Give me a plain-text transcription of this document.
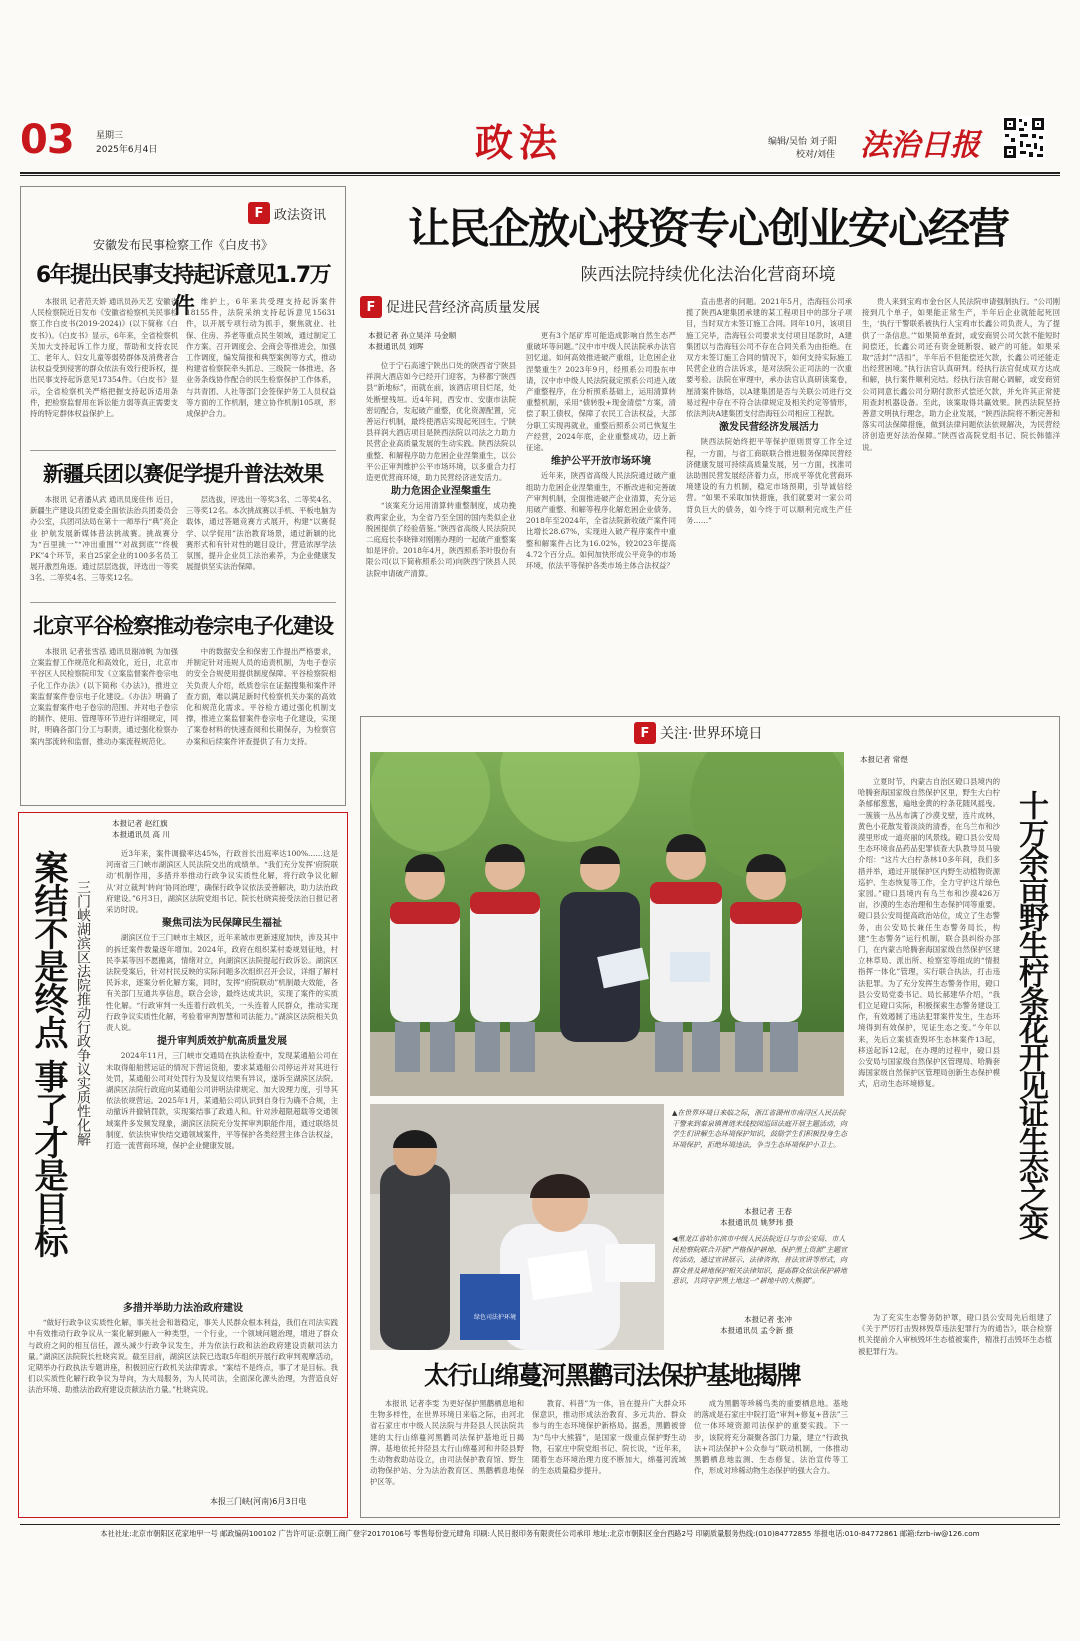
03 星期三
2025年6月4日	政法	编辑/吴怡 刘子阳
校对/刘佳 法治日报
F 政法资讯
安徽发布民事检察工作《白皮书》
6年提出民事支持起诉意见1.7万件

本报讯 记者范天娇 通讯员孙天艺 安徽省人民检察院近日发布《安徽省检察机关民事检察工作白皮书(2019-2024)》(以下简称《白皮书》)。《白皮书》显示，6年来，全省检察机关加大支持起诉工作力度，帮助和支持农民工、老年人、妇女儿童等弱势群体及消费者合法权益受到侵害的群众依法有效行使诉权，提出民事支持起诉意见17354件。《白皮书》显示，全省检察机关严格把握支持起诉适用条件，把检察监督用在诉讼能力弱等真正需要支持的特定群体权益保护上。

维护上，6年来共受理支持起诉案件18155件，法院采纳支持起诉意见15631件，以开展专项行动为抓手，聚焦就业、社保、住房、养老等重点民生领域，通过制定工作方案、召开调度会、会商会等推进会，加强工作调度，编发简报和典型案例等方式，推动构建省检察院牵头抓总、三级院一体推进、各业务条线协作配合的民生检察保护工作体系，与共青团、人社等部门会签保护务工人员权益等方面的工作机制，建立协作机制105项，形成保护合力。

新疆兵团以赛促学提升普法效果

本报讯 记者潘从武 通讯员庞佳伟 近日，新疆生产建设兵团党委全面依法治兵团委员会办公室，兵团司法局在第十一师举行“典”亮企业 护航发展新媒体普法挑战赛。挑战赛分为“百里挑一”“冲出重围”“对战到底”“终极PK”4个环节，来自25家企业的100多名员工展开激烈角逐。通过层层选拔，评选出一等奖3名、二等奖4名、三等奖12名。

层选拔，评选出一等奖3名、二等奖4名、三等奖12名。本次挑战赛以手机、平板电脑为载体，通过答题竞赛方式展开，构建“以赛促学、以学促用”法治教育场景，通过新颖的比赛形式和有针对性的题目设计，营造浓厚学法氛围，提升企业员工法治素养，为企业健康发展提供坚实法治保障。

北京平谷检察推动卷宗电子化建设

本报讯 记者张雪泓 通讯员谢沛帆 为加强立案监督工作规范化和高效化，近日，北京市平谷区人民检察院印发《立案监督案件卷宗电子化工作办法》(以下简称《办法》)，推进立案监督案件卷宗电子化建设。《办法》明确了立案监督案件电子卷宗的范围、并对电子卷宗的制作、使用、管理等环节进行详细规定，同时，明确各部门分工与职责，通过强化检察办案内部流转和监督，推动办案流程规范化。

中的数据安全和保密工作提出严格要求，并制定针对违规人员的追责机制，为电子卷宗的安全合规使用提供制度保障。平谷检察院相关负责人介绍，纸质卷宗在证据搜集和案件评查方面，难以满足新时代检察机关办案的高效化和规范化需求。平谷检方通过强化机制支撑，推进立案监督案件卷宗电子化建设，实现了案卷材料的快速查阅和长期保存，为检察官办案和后续案件评查提供了有力支持。

让民企放心投资专心创业安心经营
陕西法院持续优化法治化营商环境
F 促进民营经济高质量发展
本报记者 孙立昊洋 马金顺
本报通讯员 刘晖

位于宁石高速宁陕出口处的陕西省宁陕县祥润大酒店如今已经开门迎客，为移都宁陕西县“新地标”，而就在前，该酒店项目烂尾，处处断壁残垣。近4年间，西安市、安康市法院密切配合，发起破产重整，优化资源配置，完善运行机制，最终使酒店实现起死回生。宁陕县祥润大酒店项目是陕西法院以司法之力助力民营企业高质量发展的生动实践。陕西法院以重整、和解程序助力危困企业涅槃重生，以公平公正审判维护公平市场环境，以多重合力打造更优营商环境，助力民营经济迸发活力。

助力危困企业涅槃重生

“该案充分运用清算转重整制度，成功挽救两家企业，为全省乃至全国的国内类似企业脱困提供了经验借鉴。”陕西省高级人民法院民二庭庭长李晓锋对刚刚办理的一起破产重整案如是评价。2018年4月，陕西照系茶叶股份有限公司(以下简称照系公司)向陕西宁陕县人民法院申请破产清算。

更有3个尾矿库可能造成影响自然生态严重破坏等问题。”汉中市中级人民法院承办法官回忆道。如何高效推进破产重组，让危困企业涅槃重生？2023年9月，经照系公司股东申请，汉中市中级人民法院裁定照系公司进入破产重整程序，在分析照系基础上，运用清算转重整机制，采用“债转股+现金清偿”方案，清偿了职工债权，保障了农民工合法权益，大部分职工实现再就业，重整后照系公司已恢复生产经营，2024年底，企业重整成功，迈上新征途。

维护公平开放市场环境

近年来，陕西省高级人民法院通过破产重组助力危困企业涅槃重生，不断改进和完善破产审判机制，全面推进破产企业清算，充分运用破产重整、和解等程序化解危困企业债务。2018年至2024年，全省法院新收破产案件同比增长28.67%，实现进入破产程序案件中重整和解案件占比为16.02%，较2023年提高4.72个百分点。如何加快形成公平竞争的市场环境，依法平等保护各类市场主体合法权益？

直击患者的问题。2021年5月，浩海钰公司承揽了陕西A建集团承建的某工程项目中的部分子项目，当时双方未签订施工合同。同年10月，该项目施工完毕，浩海钰公司要求支付项目尾款时，A建集团以与浩海钰公司不存在合同关系为由拒绝。在双方未签订施工合同的情况下，如何支持实际施工民营企业的合法诉求，是对法院公正司法的一次重要考验。法院在审理中，承办法官认真研读案卷，厘清案件脉络，以A建集团是否与关联公司进行交易过程中存在不符合法律规定及相关约定等情形，依法判决A建集团支付浩海钰公司相应工程款。

激发民营经济发展活力

陕西法院始终把平等保护原则贯穿工作全过程，一方面，与省工商联联合推进服务保障民营经济健康发展可持续高质量发展，另一方面，找准司法助围民营发展经济着力点，形成平等优化营商环境建设的有力机制，稳定市场预期，引导诚信经营。“如果不采取加快措施，我们就要对一家公司背负巨大的债务，如今终于可以顺利完成生产任务……”

贵人来到宝鸡市金台区人民法院申请强制执行。“公司刚接到几个单子，如果能正常生产，半年后企业就能起死回生，‘执行干警联系被执行人宝鸡市长鑫公司负责人，为了提供了一条信息。’”如果简单查封，或安商贸公司欠款不能短时间偿还，长鑫公司还有资金链断裂、破产的可能。如果采取“活封”“活扣”，半年后不但能偿还欠款，长鑫公司还能走出经营困境。”执行法官认真研判。经执行法官促成双方达成和解，执行案件顺利完结。经执行法官耐心调解，或安商贸公司同意长鑫公司分期付款形式偿还欠款，并允许其正常使用查封机器设备。至此，该案取得共赢效果。陕西法院坚持善意文明执行理念，助力企业发展，“陕西法院将不断完善和落实司法保障措施，做到法律问题依法依规解决，为民营经济创造更好法治保障。”陕西省高院党组书记、院长韩德洋说。

本报记者 赵红旗
本报通讯员 高 川
案结不是终点 事了才是目标 三门峡湖滨区法院推动行政争议实质性化解

近3年来，案件调撤率达45%，行政首长出庭率达100%……这是河南省三门峡市湖滨区人民法院交出的成绩单。“我们充分发挥‘府院联动’机制作用，多措并举推动行政争议实质性化解，将行政争议化解从‘对立裁判’转向‘协同治理’，确保行政争议依法妥善解决，助力法治政府建设。”6月3日，湖滨区法院党组书记、院长杜晓宾接受法治日报记者采访时说。

聚焦司法为民保障民生福祉

湖滨区位于三门峡市主城区，近年来城市更新速度加快，涉及其中的拆迁案件数量逐年增加。2024年，政府在组织某村委规划征地，村民李某等因不愿搬离，情绪对立，向湖滨区法院提起行政诉讼。湖滨区法院受案后，针对村民反映的实际问题多次组织召开会议，详细了解村民诉求，逐案分析化解方案，同时，发挥“府院联动”机制最大效能，各有关部门互通共享信息，联合会诊，最终达成共识，实现了案件的实质性化解。“行政审判一头连着行政机关，一头连着人民群众，推动实现行政争议实质性化解，考验着审判智慧和司法能力。”湖滨区法院相关负责人说。

提升审判质效护航高质量发展

2024年11月，三门峡市交通局在执法检查中，发现某通船公司在未取得船舶营运证的情况下营运货船，要求某通船公司停运并对其进行处罚，某通船公司对处罚行为及复议结果有异议，遂诉至湖滨区法院。湖滨区法院行政庭向某通船公司讲明法律规定、加大说理力度，引导其依法依规营运。2025年1月，某通船公司认识到自身行为确不合规，主动撤诉并撤销罚款，实现案结事了政通人和。针对涉超限超载等交通领域案件多发频发现象，湖滨区法院充分发挥审判职能作用，通过联络员制度、依法快审快结交通领域案件，平等保护各类经营主体合法权益，打造一流营商环境，保护企业健康发展。

多措并举助力法治政府建设

“做好行政争议实质性化解，事关社会和谐稳定，事关人民群众根本利益，我们在司法实践中有效推动行政争议从一案化解到融入一种类型，一个行业，一个领域问题治理，增进了群众与政府之间的相互信任，源头减少行政争议发生，并为依法行政和法治政府建设贡献司法力量。”湖滨区法院院长杜晓宾说。截至目前，湖滨区法院已选取5年组织开展行政审判观摩活动，定期举办行政执法专题讲座，积极回应行政机关法律需求。“案结不是终点，事了才是目标。我们以实质性化解行政争议为导向，为大局服务，为人民司法，全面深化源头治理，为营造良好法治环境、助推法治政府建设贡献法治力量。”杜晓宾说。

本报三门峡(河南)6月3日电
F 关注·世界环境日
绿色司法护环境
▲在世界环境日来临之际，浙江省湖州市南浔区人民法院干警来到秦泉镇善琏米线校园巡回法庭开展主题活动，向学生们讲解生态环境保护知识，鼓励学生们积极投身生态环境保护，拒绝环境违法，争当生态环境保护小卫士。
本报记者 王春
本报通讯员 姚梦玮 摄
◀黑龙江省哈尔滨市中级人民法院近日与市公安局、市人民检察院联合开展“严格保护耕地、保护黑土资源”主题宣传活动，通过宣讲展示、法律咨询、普法宣讲等形式，向群众普及耕地保护相关法律知识，提高群众依法保护耕地意识，共同守护黑土地这一“耕地中的大熊猫”。
本报记者 张冲
本报通讯员 孟令新 摄
本报记者 常煜

立夏时节，内蒙古自治区磴口县境内的哈腾套海国家级自然保护区里，野生大白柠条郁郁葱葱，遍地金黄的柠条花随风摇曳。一簇簇一丛丛布满了沙漠戈壁，连片成林，黄色小花散发着淡淡的清香，在乌兰布和沙漠里形成一道亮丽的风景线。磴口县公安局生态环境食品药品犯罪侦查大队教导员马骏介绍：“这片大白柠条林10多年间，我们多措并举，通过开展保护区内野生动植物资源巡护、生态恢复等工作，全力守护这片绿色家园。”磴口县境内有乌兰布和沙漠426万亩，沙漠的生态治理和生态保护同等重要。磴口县公安局提高政治站位，成立了生态警务，由公安局长兼任生态警务局长，构建“生态警务”运行机制，联合县纠纷办部门，在内蒙古哈腾套海国家级自然保护区建立林草局、派出所、检察室等组成的“情报指挥一体化”管理，实行联合执法，打击违法犯罪。为了充分发挥生态警务作用，磴口县公安局党委书记、局长郝建华介绍，“我们立足磴口实际，积极探索生态警务建设工作，有效遏制了违法犯罪案件发生，生态环境得到有效保护，见证生态之变。”今年以来，先后立案侦查毁坏生态林案件13起，移送起诉12起，在办理的过程中，磴口县公安局与国家级自然保护区管理局、哈腾套海国家级自然保护区管理局创新生态保护模式，启动生态环境修复。	十万余亩野生柠条花开见证生态之变
太行山绵蔓河黑鹳司法保护基地揭牌

本报讯 记者李雯 为更好保护黑鹳栖息地和生物多样性，在世界环境日来临之际，由河北省石家庄市中级人民法院与井陉县人民法院共建的太行山绵蔓河黑鹳司法保护基地近日揭牌。基地依托井陉县太行山绵蔓河和井陉县野生动物救助站设立，由司法保护教育馆、野生动物保护站、分为法治教育区、黑鹳栖息地保护区等。

教育、科普”为一体，旨在提升广大群众环保意识，推动形成法治教育、多元共治、群众参与的生态环境保护新格局。据悉，黑鹳被誉为“鸟中大熊猫”，是国家一级重点保护野生动物，石家庄中院党组书记、院长说，“近年来，随着生态环境治理力度不断加大，绵蔓河流域的生态质量稳步提升。

成为黑鹳等珍稀鸟类的重要栖息地。基地的落成是石家庄中院打造“审判+修复+普法”三位一体环境资源司法保护的重要实践。下一步，该院将充分凝聚各部门力量，建立“行政执法+司法保护+公众参与”联动机制，一体推动黑鹳栖息地监测、生态修复、法治宣传等工作，形成对珍稀动物生态保护的强大合力。

为了充实生态警务防护罩，磴口县公安局先后组建了《关于严厉打击毁林毁草违法犯罪行为的通告》，联合检察机关提前介入审核毁坏生态植被案件，精准打击毁坏生态植被犯罪行为。

本社社址:北京市朝阳区花家地甲一号 邮政编码100102 广告许可证:京朝工商广登字20170106号 零售每份壹元肆角 印刷:人民日报印务有限责任公司承印 地址:北京市朝阳区金台西路2号 印刷质量服务热线:(010)84772855 举报电话:010-84772861 邮箱:fzrb-iw@126.com
